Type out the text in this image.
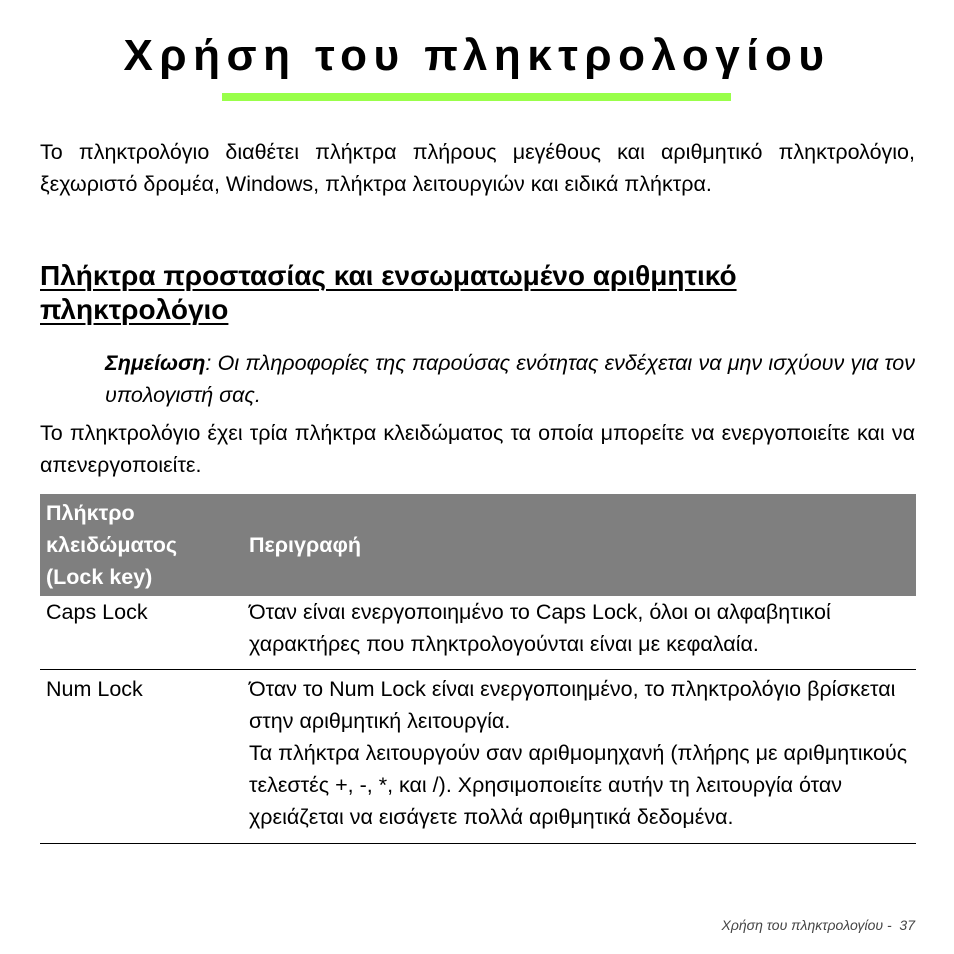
Χρήση του πληκτρολογίου

Το πληκτρολόγιο διαθέτει πλήκτρα πλήρους μεγέθους και αριθμητικό πληκτρολόγιο, ξεχωριστό δρομέα, Windows, πλήκτρα λειτουργιών και ειδικά πλήκτρα.

Πλήκτρα προστασίας και ενσωματωμένο αριθμητικό πληκτρολόγιο

Σημείωση: Οι πληροφορίες της παρούσας ενότητας ενδέχεται να μην ισχύουν για τον υπολογιστή σας.

Το πληκτρολόγιο έχει τρία πλήκτρα κλειδώματος τα οποία μπορείτε να ενεργοποιείτε και να απενεργοποιείτε.

Πλήκτρο κλειδώματος (Lock key)	Περιγραφή
Caps Lock	Όταν είναι ενεργοποιημένο το Caps Lock, όλοι οι αλφαβητικοί χαρακτήρες που πληκτρολογούνται είναι με κεφαλαία.
Num Lock	Όταν το Num Lock είναι ενεργοποιημένο, το πληκτρολόγιο βρίσκεται στην αριθμητική λειτουργία.
Τα πλήκτρα λειτουργούν σαν αριθμομηχανή (πλήρης με αριθμητικούς τελεστές +, -, *, και /). Χρησιμοποιείτε αυτήν τη λειτουργία όταν χρειάζεται να εισάγετε πολλά αριθμητικά δεδομένα.

Χρήση του πληκτρολογίου - 37
